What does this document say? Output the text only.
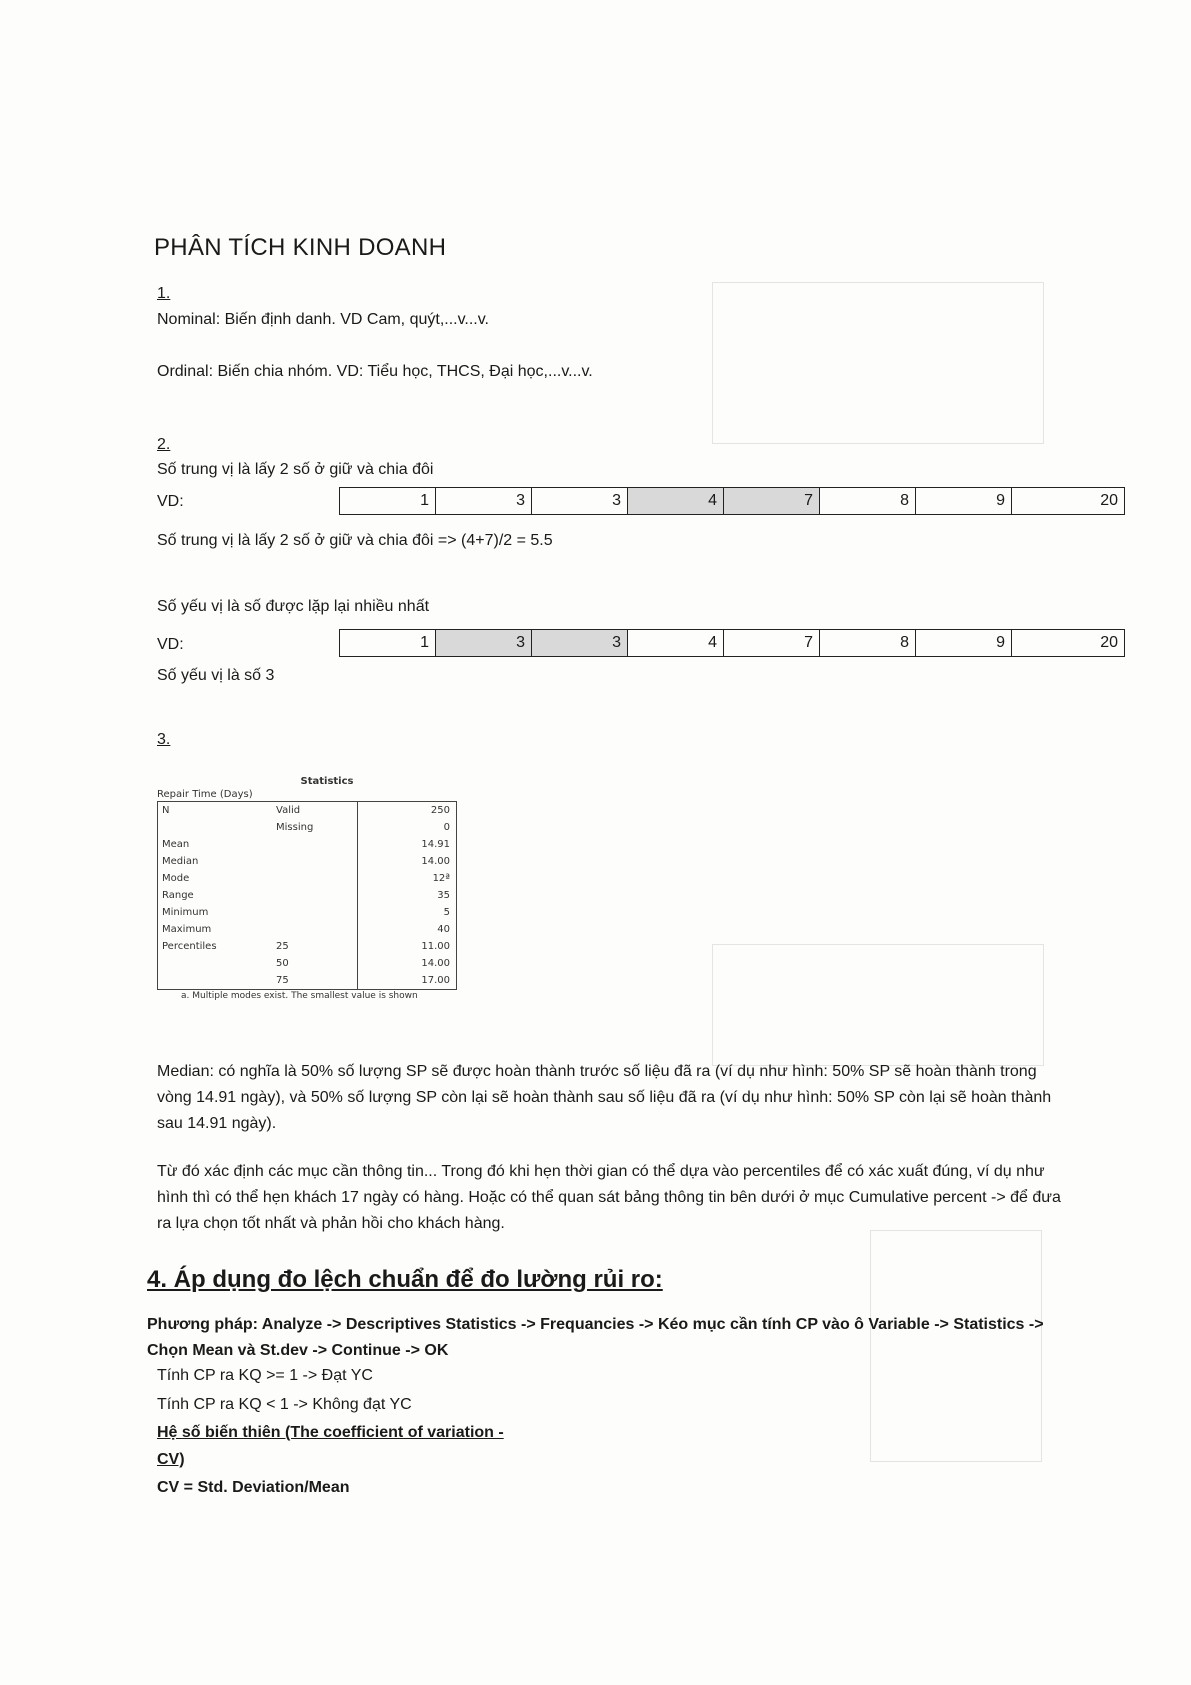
PHÂN TÍCH KINH DOANH
1.
Nominal: Biến định danh. VD Cam, quýt,...v...v.
Ordinal: Biến chia nhóm. VD: Tiểu học, THCS, Đại học,...v...v.
2.
Số trung vị là lấy 2 số ở giữ và chia đôi
VD:	1	3	3	4	7	8	9	20
Số trung vị là lấy 2 số ở giữ và chia đôi => (4+7)/2 = 5.5
Số yếu vị là số được lặp lại nhiều nhất
VD:	1	3	3	4	7	8	9	20
Số yếu vị là số 3
3.
Statistics
Repair Time (Days)
N	Valid	250
	Missing	0
Mean		14.91
Median		14.00
Mode		12ª
Range		35
Minimum		5
Maximum		40
Percentiles	25	11.00
	50	14.00
	75	17.00
a. Multiple modes exist. The smallest value is shown
Median: có nghĩa là 50% số lượng SP sẽ được hoàn thành trước số liệu đã ra (ví dụ như hình: 50% SP sẽ hoàn thành trong vòng 14.91 ngày), và 50% số lượng SP còn lại sẽ hoàn thành sau số liệu đã ra (ví dụ như hình: 50% SP còn lại sẽ hoàn thành sau 14.91 ngày).
Từ đó xác định các mục cần thông tin... Trong đó khi hẹn thời gian có thể dựa vào percentiles để có xác xuất đúng, ví dụ như hình thì có thể hẹn khách 17 ngày có hàng. Hoặc có thể quan sát bảng thông tin bên dưới ở mục Cumulative percent -> để đưa ra lựa chọn tốt nhất và phản hồi cho khách hàng.
4. Áp dụng đo lệch chuẩn để đo lường rủi ro:
Phương pháp: Analyze -> Descriptives Statistics -> Frequancies -> Kéo mục cần tính CP vào ô Variable -> Statistics -> Chọn Mean và St.dev -> Continue -> OK
Tính CP ra KQ >= 1 -> Đạt YC
Tính CP ra KQ < 1 -> Không đạt YC
Hệ số biến thiên (The coefficient of variation -
CV)
CV = Std. Deviation/Mean
